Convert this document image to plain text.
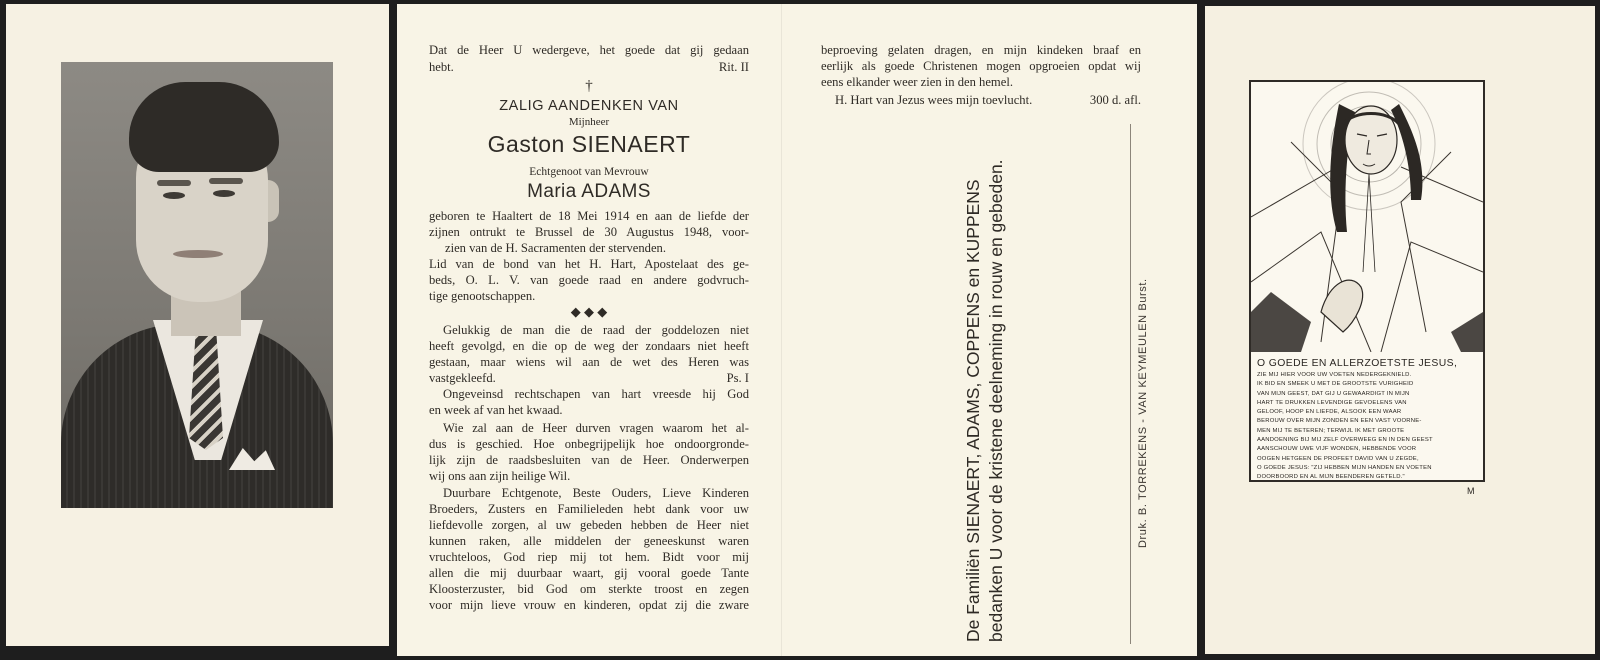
Dat de Heer U wedergeve, het goede dat gij gedaan
hebt.	Rit. II
†
ZALIG AANDENKEN VAN
Mijnheer
Gaston SIENAERT
Echtgenoot van Mevrouw
Maria ADAMS
geboren te Haaltert de 18 Mei 1914 en aan de liefde der
zijnen ontrukt te Brussel de 30 Augustus 1948, voor-
zien van de H. Sacramenten der stervenden.
Lid van de bond van het H. Hart, Apostelaat des ge-
beds, O. L. V. van goede raad en andere godvruch-
tige genootschappen.
◆ ◆ ◆
Gelukkig de man die de raad der goddelozen niet
heeft gevolgd, en die op de weg der zondaars niet heeft
gestaan, maar wiens wil aan de wet des Heren was
vastgekleefd.	Ps. I
Ongeveinsd rechtschapen van hart vreesde hij God
en week af van het kwaad.
Wie zal aan de Heer durven vragen waarom het al-
dus is geschied. Hoe onbegrijpelijk hoe ondoorgronde-
lijk zijn de raadsbesluiten van de Heer. Onderwerpen
wij ons aan zijn heilige Wil.
Duurbare Echtgenote, Beste Ouders, Lieve Kinderen
Broeders, Zusters en Familieleden hebt dank voor uw
liefdevolle zorgen, al uw gebeden hebben de Heer niet
kunnen raken, alle middelen der geneeskunst waren
vruchteloos, God riep mij tot hem. Bidt voor mij
allen die mij duurbaar waart, gij vooral goede Tante
Kloosterzuster, bid God om sterkte troost en zegen
voor mijn lieve vrouw en kinderen, opdat zij die zware
beproeving gelaten dragen, en mijn kindeken braaf en
eerlijk als goede Christenen mogen opgroeien opdat wij
eens elkander weer zien in den hemel.
H. Hart van Jezus wees mijn toevlucht.	300 d. afl.
De Familiën SIENAERT, ADAMS, COPPENS en KUPPENS bedanken U voor de kristene deelneming in rouw en gebeden.	Druk. B. TORREKENS - VAN KEYMEULEN Burst.	O GOEDE EN ALLERZOETSTE JESUS,
ZIE MIJ HIER VOOR UW VOETEN NEDERGEKNIELD.
IK BID EN SMEEK U MET DE GROOTSTE VURIGHEID
VAN MIJN GEEST, DAT GIJ U GEWAARDIGT IN MIJN
HART TE DRUKKEN LEVENDIGE GEVOELENS VAN
GELOOF, HOOP EN LIEFDE, ALSOOK EEN WAAR
BEROUW OVER MIJN ZONDEN EN EEN VAST VOORNE-
MEN MIJ TE BETEREN; TERWIJL IK MET GROOTE
AANDOENING BIJ MIJ ZELF OVERWEEG EN IN DEN GEEST
AANSCHOUW UWE VIJF WONDEN, HEBBENDE VOOR
OOGEN HETGEEN DE PROFEET DAVID VAN U ZEGDE,
O GOEDE JESUS: "ZIJ HEBBEN MIJN HANDEN EN VOETEN
DOORBOORD EN AL MIJN BEENDEREN GETELD."
M
